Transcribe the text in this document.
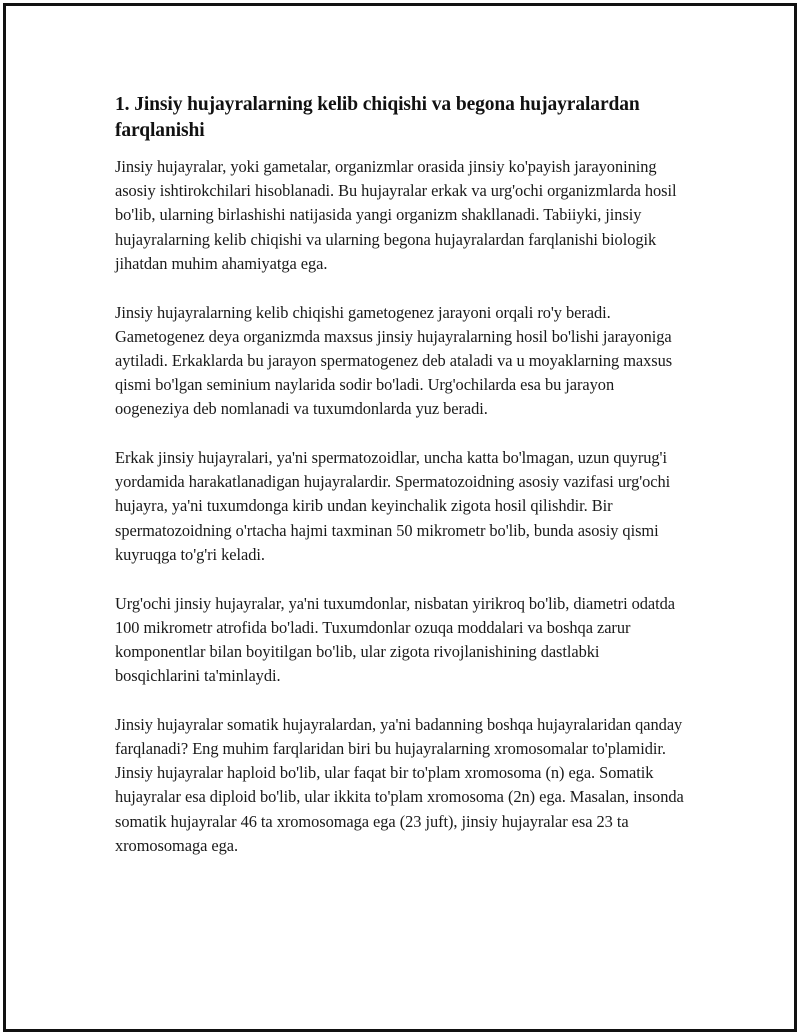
1. Jinsiy hujayralarning kelib chiqishi va begona hujayralardan farqlanishi

Jinsiy hujayralar, yoki gametalar, organizmlar orasida jinsiy ko'payish jarayonining asosiy ishtirokchilari hisoblanadi. Bu hujayralar erkak va urg'ochi organizmlarda hosil bo'lib, ularning birlashishi natijasida yangi organizm shakllanadi. Tabiiyki, jinsiy hujayralarning kelib chiqishi va ularning begona hujayralardan farqlanishi biologik jihatdan muhim ahamiyatga ega.

Jinsiy hujayralarning kelib chiqishi gametogenez jarayoni orqali ro'y beradi. Gametogenez deya organizmda maxsus jinsiy hujayralarning hosil bo'lishi jarayoniga aytiladi. Erkaklarda bu jarayon spermatogenez deb ataladi va u moyaklarning maxsus qismi bo'lgan seminium naylarida sodir bo'ladi. Urg'ochilarda esa bu jarayon oogeneziya deb nomlanadi va tuxumdonlarda yuz beradi.

Erkak jinsiy hujayralari, ya'ni spermatozoidlar, uncha katta bo'lmagan, uzun quyrug'i yordamida harakatlanadigan hujayralardir. Spermatozoidning asosiy vazifasi urg'ochi hujayra, ya'ni tuxumdonga kirib undan keyinchalik zigota hosil qilishdir. Bir spermatozoidning o'rtacha hajmi taxminan 50 mikrometr bo'lib, bunda asosiy qismi kuyruqga to'g'ri keladi.

Urg'ochi jinsiy hujayralar, ya'ni tuxumdonlar, nisbatan yirikroq bo'lib, diametri odatda 100 mikrometr atrofida bo'ladi. Tuxumdonlar ozuqa moddalari va boshqa zarur komponentlar bilan boyitilgan bo'lib, ular zigota rivojlanishining dastlabki bosqichlarini ta'minlaydi.

Jinsiy hujayralar somatik hujayralardan, ya'ni badanning boshqa hujayralaridan qanday farqlanadi? Eng muhim farqlaridan biri bu hujayralarning xromosomalar to'plamidir. Jinsiy hujayralar haploid bo'lib, ular faqat bir to'plam xromosoma (n) ega. Somatik hujayralar esa diploid bo'lib, ular ikkita to'plam xromosoma (2n) ega. Masalan, insonda somatik hujayralar 46 ta xromosomaga ega (23 juft), jinsiy hujayralar esa 23 ta xromosomaga ega.
